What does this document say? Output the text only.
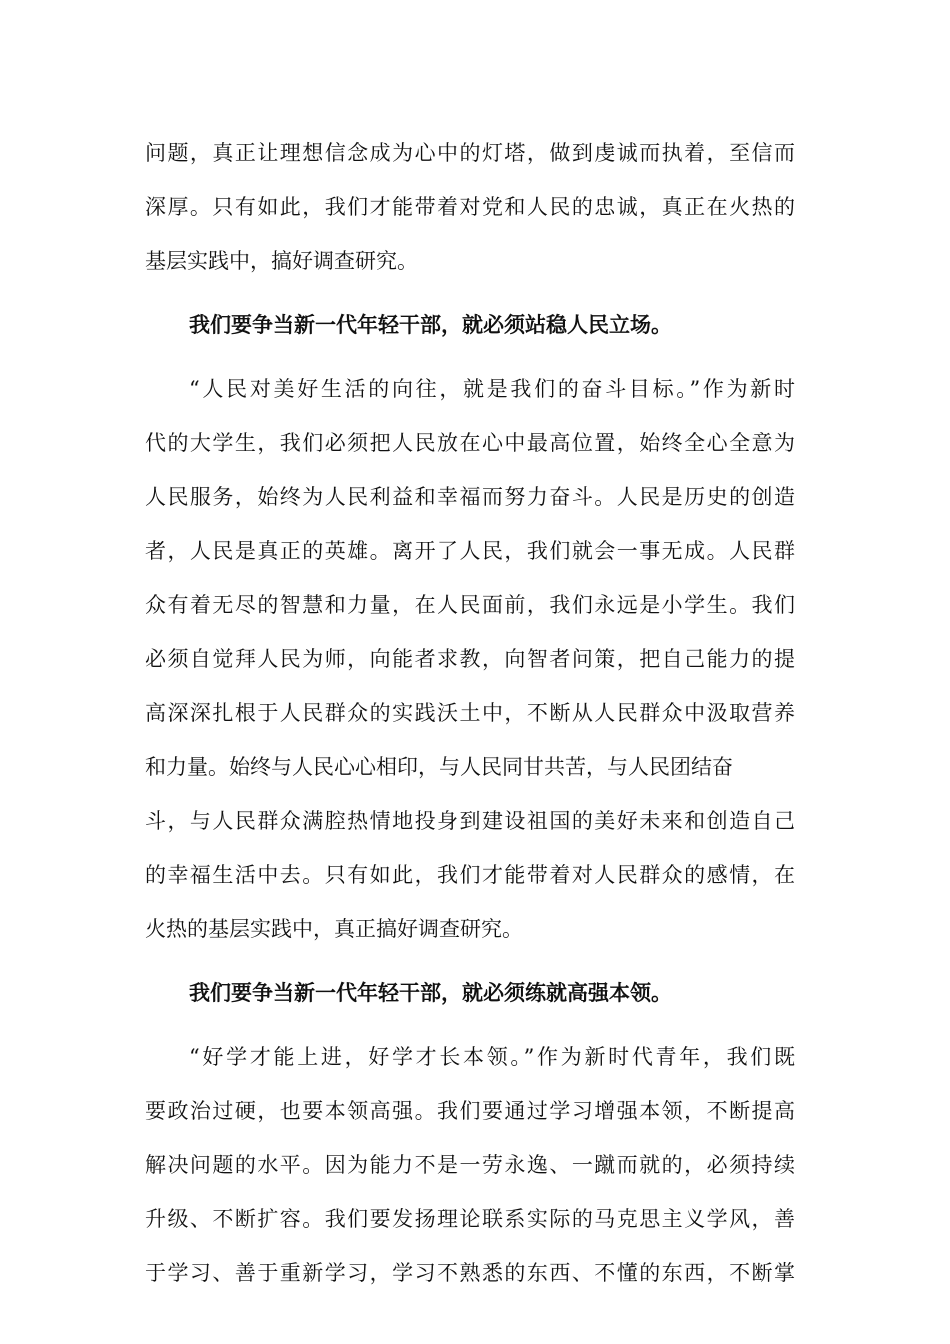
问题，真正让理想信念成为心中的灯塔，做到虔诚而执着，至信而
深厚。只有如此，我们才能带着对党和人民的忠诚，真正在火热的
基层实践中，搞好调查研究。
我们要争当新一代年轻干部，就必须站稳人民立场。
“人民对美好生活的向往，就是我们的奋斗目标。”作为新时
代的大学生，我们必须把人民放在心中最高位置，始终全心全意为
人民服务，始终为人民利益和幸福而努力奋斗。人民是历史的创造
者，人民是真正的英雄。离开了人民，我们就会一事无成。人民群
众有着无尽的智慧和力量，在人民面前，我们永远是小学生。我们
必须自觉拜人民为师，向能者求教，向智者问策，把自己能力的提
高深深扎根于人民群众的实践沃土中，不断从人民群众中汲取营养
和力量。始终与人民心心相印，与人民同甘共苦，与人民团结奋
斗，与人民群众满腔热情地投身到建设祖国的美好未来和创造自己
的幸福生活中去。只有如此，我们才能带着对人民群众的感情，在
火热的基层实践中，真正搞好调查研究。
我们要争当新一代年轻干部，就必须练就高强本领。
“好学才能上进，好学才长本领。”作为新时代青年，我们既
要政治过硬，也要本领高强。我们要通过学习增强本领，不断提高
解决问题的水平。因为能力不是一劳永逸、一蹴而就的，必须持续
升级、不断扩容。我们要发扬理论联系实际的马克思主义学风，善
于学习、善于重新学习，学习不熟悉的东西、不懂的东西，不断掌
